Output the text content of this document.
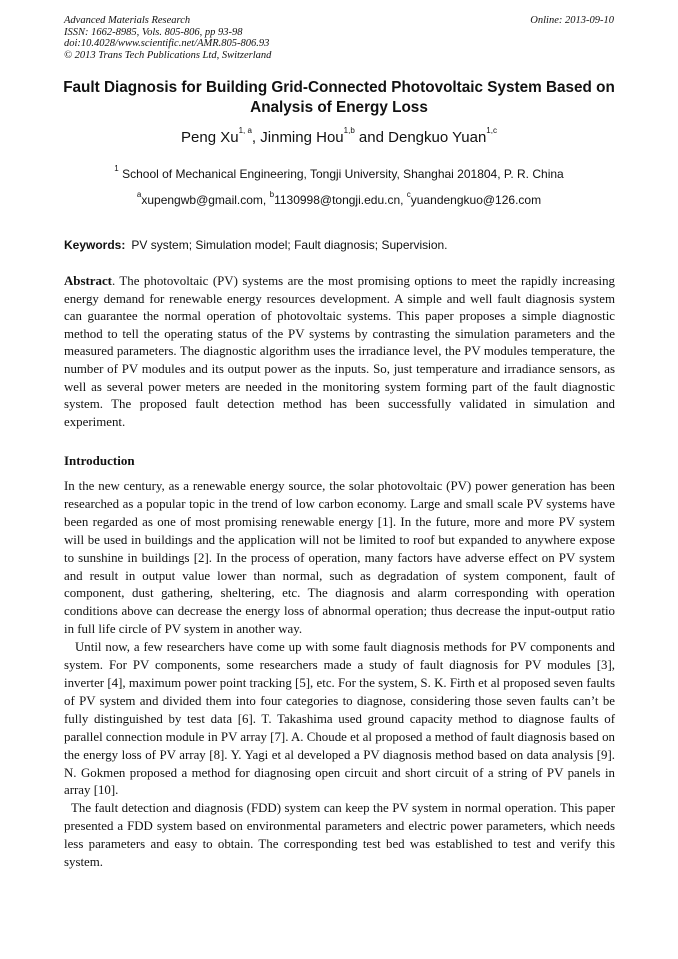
Advanced Materials Research
ISSN: 1662-8985, Vols. 805-806, pp 93-98
doi:10.4028/www.scientific.net/AMR.805-806.93
© 2013 Trans Tech Publications Ltd, Switzerland
Online: 2013-09-10
Fault Diagnosis for Building Grid-Connected Photovoltaic System Based on Analysis of Energy Loss
Peng Xu$^{1, a}$, Jinming Hou$^{1,b}$ and Dengkuo Yuan$^{1,c}$
$^1$ School of Mechanical Engineering, Tongji University, Shanghai 201804, P. R. China
$^a$xupengwb@gmail.com, $^b$1130998@tongji.edu.cn, $^c$yuandengkuo@126.com
Keywords: PV system; Simulation model; Fault diagnosis; Supervision.

Abstract. The photovoltaic (PV) systems are the most promising options to meet the rapidly increasing energy demand for renewable energy resources development. A simple and well fault diagnosis system can guarantee the normal operation of photovoltaic systems. This paper proposes a simple diagnostic method to tell the operating status of the PV systems by contrasting the simulation parameters and the measured parameters. The diagnostic algorithm uses the irradiance level, the PV modules temperature, the number of PV modules and its output power as the inputs. So, just temperature and irradiance sensors, as well as several power meters are needed in the monitoring system forming part of the fault diagnostic system. The proposed fault detection method has been successfully validated in simulation and experiment.

Introduction

In the new century, as a renewable energy source, the solar photovoltaic (PV) power generation has been researched as a popular topic in the trend of low carbon economy. Large and small scale PV systems have been regarded as one of most promising renewable energy [1]. In the future, more and more PV system will be used in buildings and the application will not be limited to roof but expanded to anywhere expose to sunshine in buildings [2]. In the process of operation, many factors have adverse effect on PV system and result in output value lower than normal, such as degradation of system component, fault of component, dust gathering, sheltering, etc. The diagnosis and alarm corresponding with operation conditions above can decrease the energy loss of abnormal operation; thus decrease the input-output ratio in full life circle of PV system in another way.

Until now, a few researchers have come up with some fault diagnosis methods for PV components and system. For PV components, some researchers made a study of fault diagnosis for PV modules [3], inverter [4], maximum power point tracking [5], etc. For the system, S. K. Firth et al proposed seven faults of PV system and divided them into four categories to diagnose, considering those seven faults can’t be fully distinguished by test data [6]. T. Takashima used ground capacity method to diagnose faults of parallel connection module in PV array [7]. A. Choude et al proposed a method of fault diagnosis based on the energy loss of PV array [8]. Y. Yagi et al developed a PV diagnosis method based on data analysis [9]. N. Gokmen proposed a method for diagnosing open circuit and short circuit of a string of PV panels in array [10].

The fault detection and diagnosis (FDD) system can keep the PV system in normal operation. This paper presented a FDD system based on environmental parameters and electric power parameters, which needs less parameters and easy to obtain. The corresponding test bed was established to test and verify this system.
